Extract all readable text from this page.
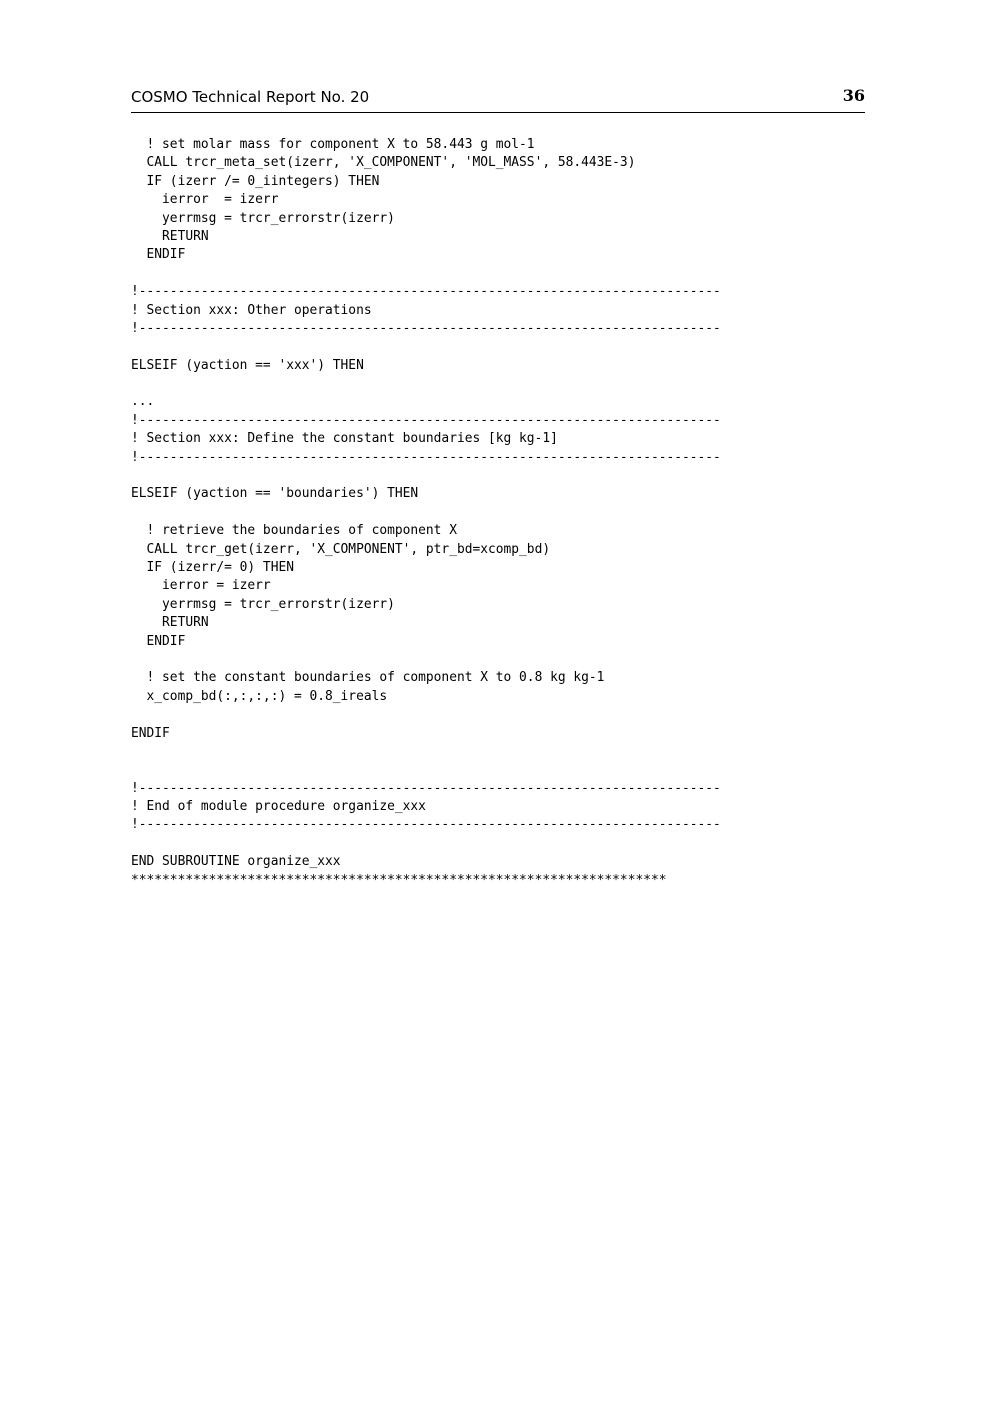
COSMO Technical Report No. 20	36
! set molar mass for component X to 58.443 g mol-1
CALL trcr_meta_set(izerr, 'X_COMPONENT', 'MOL_MASS', 58.443E-3)
IF (izerr /= 0_iintegers) THEN
ierror  = izerr
yerrmsg = trcr_errorstr(izerr)
RETURN
ENDIF
!---------------------------------------------------------------------------
! Section xxx: Other operations
!---------------------------------------------------------------------------
ELSEIF (yaction == 'xxx') THEN
...
!---------------------------------------------------------------------------
! Section xxx: Define the constant boundaries [kg kg-1]
!---------------------------------------------------------------------------
ELSEIF (yaction == 'boundaries') THEN
! retrieve the boundaries of component X
CALL trcr_get(izerr, 'X_COMPONENT', ptr_bd=xcomp_bd)
IF (izerr/= 0) THEN
ierror = izerr
yerrmsg = trcr_errorstr(izerr)
RETURN
ENDIF
! set the constant boundaries of component X to 0.8 kg kg-1
x_comp_bd(:,:,:,:) = 0.8_ireals
ENDIF
!---------------------------------------------------------------------------
! End of module procedure organize_xxx
!---------------------------------------------------------------------------
END SUBROUTINE organize_xxx
*********************************************************************
